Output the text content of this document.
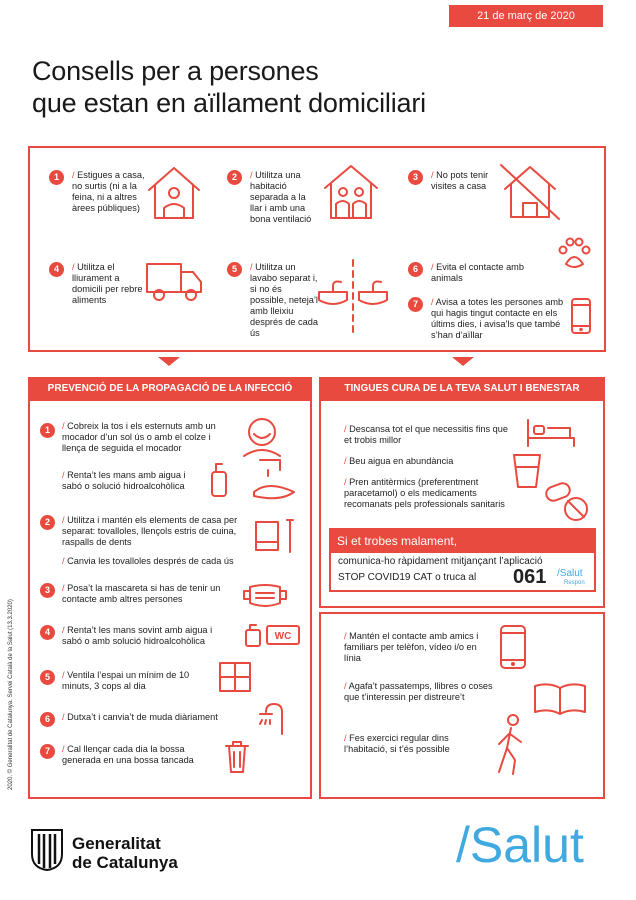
21 de març de 2020
Consells per a persones
que estan en aïllament domiciliari
1	/ Estigues a casa, no surtis (ni a la feina, ni a altres àrees públiques)
2	/ Utilitza una habitació separada a la llar i amb una bona ventilació
3	/ No pots tenir visites a casa
4	/ Utilitza el lliurament a domicili per rebre aliments
5	/ Utilitza un lavabo separat i, si no és possible, neteja’l amb lleixiu després de cada ús
6	/ Evita el contacte amb animals
7	/ Avisa a totes les persones amb qui hagis tingut contacte en els últims dies, i avisa’ls que també s’han d’aïllar
PREVENCIÓ DE LA PROPAGACIÓ DE LA INFECCIÓ
1	/ Cobreix la tos i els esternuts amb un mocador d’un sol ús o amb el colze i llença de seguida el mocador
/ Renta’t les mans amb aigua i sabó o solució hidroalcohòlica
2	/ Utilitza i mantén els elements de casa per separat: tovalloles, llençols estris de cuina, raspalls de dents
/ Canvia les tovalloles després de cada ús
3	/ Posa’t la mascareta si has de tenir un contacte amb altres persones
4	/ Renta’t les mans sovint amb aigua i sabó o amb solució hidroalcohòlica	WC
5	/ Ventila l’espai un mínim de 10 minuts, 3 cops al dia
6	/ Dutxa’t i canvia’t de muda diàriament
7	/ Cal llençar cada dia la bossa generada en una bossa tancada
TINGUES CURA DE LA TEVA SALUT I BENESTAR
/ Descansa tot el que necessitis fins que et trobis millor
/ Beu aigua en abundància
/ Pren antitèrmics (preferentment paracetamol) o els medicaments recomanats pels professionals sanitaris
Si et trobes malament,
comunica-ho ràpidament mitjançant l’aplicació
STOP COVID19 CAT o truca al 061 /Salut
Respon
/ Mantén el contacte amb amics i familiars per telèfon, vídeo i/o en línia
/ Agafa’t passatemps, llibres o coses que t’interessin per distreure’t
/ Fes exercici regular dins l’habitació, si t’és possible
2020. © Generalitat de Catalunya. Servei Català de la Salut (13.3.2020)
Generalitat
de Catalunya	/Salut
